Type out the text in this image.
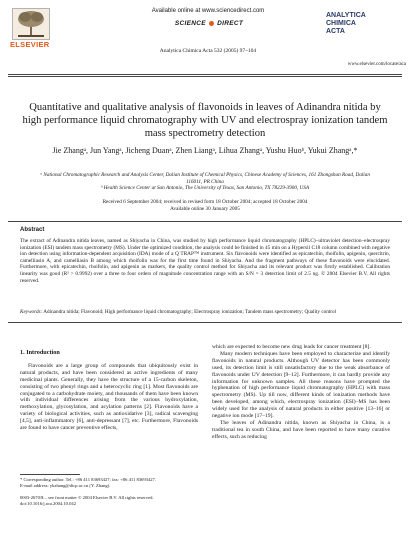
ELSEVIER
Available online at www.sciencedirect.com
SCIENCE DIRECT
Analytica Chimica Acta 532 (2005) 97–104
ANALYTICA
CHIMICA
ACTA
www.elsevier.com/locate/aca
Quantitative and qualitative analysis of flavonoids in leaves of Adinandra nitida by high performance liquid chromatography with UV and electrospray ionization tandem mass spectrometry detection
Jie Zhangᵃ, Jun Yangᵃ, Jicheng Duanᵃ, Zhen Liangᵃ, Lihua Zhangᵃ, Yushu Huoᵇ, Yukui Zhangᵃ,*
ᵃ National Chromatographic Research and Analysis Center, Dalian Institute of Chemical Physics, Chinese Academy of Sciences, 161 Zhongshan Road, Dalian 116011, PR China
ᵇ Health Science Center at San Antonio, The University of Texas, San Antonio, TX 78229-3900, USA
Received 6 September 2004; received in revised form 18 October 2004; accepted 18 October 2004
Available online 30 January 2005
Abstract
The extract of Adinandra nitida leaves, named as Shiyacha in China, was studied by high performance liquid chromatography (HPLC)–ultraviolet detection–electrospray ionization (ESI) tandem mass spectrometry (MS). Under the optimized condition, the analysis could be finished in 45 min on a Hypersil C18 column combined with negative ion detection using information-dependent acquisition (IDA) mode of a Q TRAP™ instrument. Six flavonoids were identified as epicatechin, rhoifolin, apigenin, quercitrin, camelliasin A, and camelliasin B among which rhoifolin was for the first time found in Shiyacha. And the fragment pathways of these flavonoids were elucidated. Furthermore, with epicatechin, rhoifolin, and apigenin as markers, the quality control method for Shiyacha and its relevant product was firstly established. Calibration linearity was good (R² > 0.9992) over a three to four orders of magnitude concentration range with an S/N = 3 detection limit of 2.5 ng. © 2004 Elsevier B.V. All rights reserved.
Keywords: Adinandra nitida; Flavonoid; High performance liquid chromatography; Electrospray ionization; Tandem mass spectrometry; Quality control
1. Introduction

Flavonoids are a large group of compounds that ubiquitously exist in natural products, and have been considered as active ingredients of many medicinal plants. Generally, they have the structure of a 15-carbon skeleton, consisting of two phenyl rings and a heterocyclic ring [1]. Most flavonoids are conjugated to a carbohydrate moiety, and thousands of them have been known with individual differences arising from the various hydroxylation, methoxylation, glycosylation, and acylation patterns [2]. Flavonoids have a variety of biological activities, such as antioxidative [3], radical scavenging [4,5], anti-inflammatory [6], anti-depressant [7], etc. Furthermore, Flavonoids are found to have cancer preventive effects,

which are expected to become new drug leads for cancer treatment [8].

Many modern techniques have been employed to characterize and identify flavonoids in natural products. Although UV detector has been commonly used, its detection limit is still unsatisfactory due to the weak absorbance of flavonoids under UV detection [9–12]. Furthermore, it can hardly provide any information for unknown samples. All these reasons have prompted the hyphenation of high performance liquid chromatography (HPLC) with mass spectrometry (MS). Up till now, different kinds of ionization methods have been developed, among which, electrospray ionization (ESI)–MS has been widely used for the analysis of natural products in either positive [13–16] or negative ion mode [17–19].

The leaves of Adinandra nitida, known as Shiyacha in China, is a traditional tea in south China, and have been reported to have many curative effects, such as reducing

* Corresponding author. Tel.: +86 411 83693427; fax: +86 411 83693427.
E-mail address: ykzhang@dicp.ac.cn (Y. Zhang).
0003-2670/$ – see front matter © 2004 Elsevier B.V. All rights reserved.
doi:10.1016/j.aca.2004.10.042
